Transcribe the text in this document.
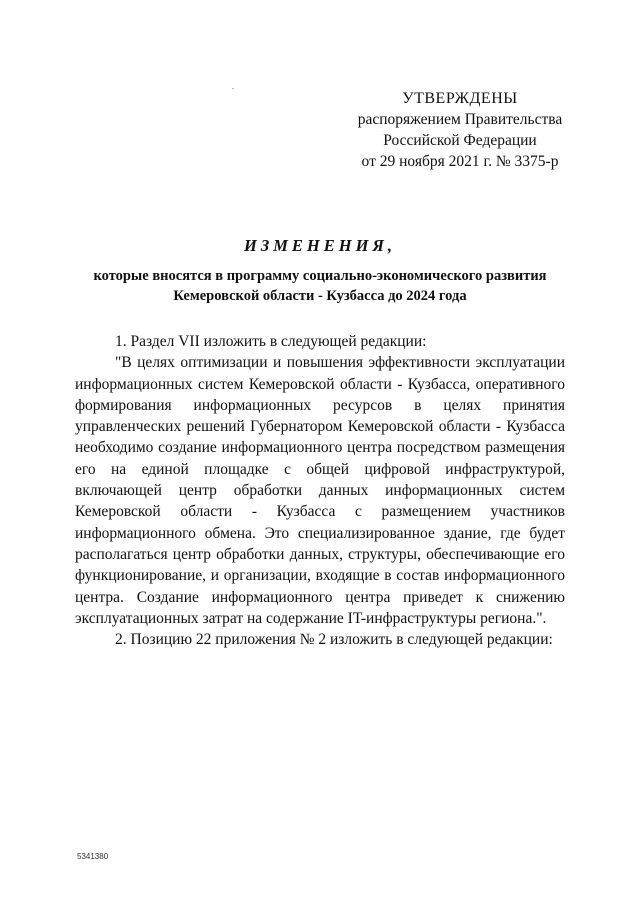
УТВЕРЖДЕНЫ
распоряжением Правительства
Российской Федерации
от 29 ноября 2021 г. № 3375-р
ИЗМЕНЕНИЯ,
которые вносятся в программу социально-экономического развития
Кемеровской области - Кузбасса до 2024 года

1. Раздел VII изложить в следующей редакции:

"В целях оптимизации и повышения эффективности эксплуатации информационных систем Кемеровской области - Кузбасса, оперативного формирования информационных ресурсов в целях принятия управленческих решений Губернатором Кемеровской области - Кузбасса необходимо создание информационного центра посредством размещения его на единой площадке с общей цифровой инфраструктурой, включающей центр обработки данных информационных систем Кемеровской области - Кузбасса с размещением участников информационного обмена. Это специализированное здание, где будет располагаться центр обработки данных, структуры, обеспечивающие его функционирование, и организации, входящие в состав информационного центра. Создание информационного центра приведет к снижению эксплуатационных затрат на содержание IT-инфраструктуры региона.".

2. Позицию 22 приложения № 2 изложить в следующей редакции:

5341380
